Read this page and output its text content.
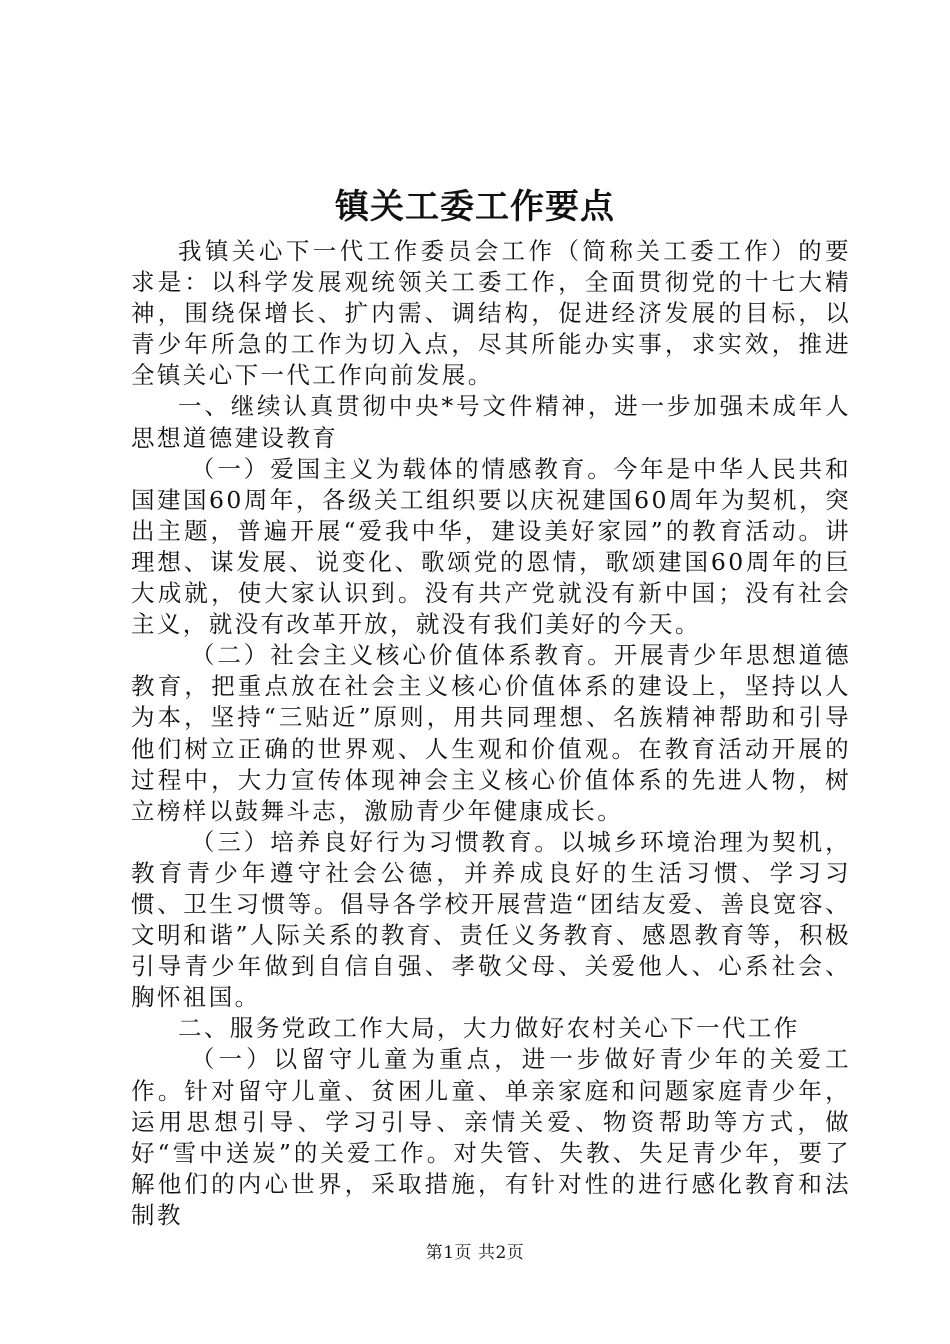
镇关工委工作要点

我镇关心下一代工作委员会工作（简称关工委工作）的要求是：以科学发展观统领关工委工作，全面贯彻党的十七大精神，围绕保增长、扩内需、调结构，促进经济发展的目标，以青少年所急的工作为切入点，尽其所能办实事，求实效，推进全镇关心下一代工作向前发展。

一、继续认真贯彻中央*号文件精神，进一步加强未成年人思想道德建设教育

（一）爱国主义为载体的情感教育。今年是中华人民共和国建国60周年，各级关工组织要以庆祝建国60周年为契机，突出主题，普遍开展“爱我中华，建设美好家园”的教育活动。讲理想、谋发展、说变化、歌颂党的恩情，歌颂建国60周年的巨大成就，使大家认识到。没有共产党就没有新中国；没有社会主义，就没有改革开放，就没有我们美好的今天。

（二）社会主义核心价值体系教育。开展青少年思想道德教育，把重点放在社会主义核心价值体系的建设上，坚持以人为本，坚持“三贴近”原则，用共同理想、名族精神帮助和引导他们树立正确的世界观、人生观和价值观。在教育活动开展的过程中，大力宣传体现神会主义核心价值体系的先进人物，树立榜样以鼓舞斗志，激励青少年健康成长。

（三）培养良好行为习惯教育。以城乡环境治理为契机，教育青少年遵守社会公德，并养成良好的生活习惯、学习习惯、卫生习惯等。倡导各学校开展营造“团结友爱、善良宽容、文明和谐”人际关系的教育、责任义务教育、感恩教育等，积极引导青少年做到自信自强、孝敬父母、关爱他人、心系社会、胸怀祖国。

二、服务党政工作大局，大力做好农村关心下一代工作

（一）以留守儿童为重点，进一步做好青少年的关爱工作。针对留守儿童、贫困儿童、单亲家庭和问题家庭青少年，运用思想引导、学习引导、亲情关爱、物资帮助等方式，做好“雪中送炭”的关爱工作。对失管、失教、失足青少年，要了解他们的内心世界，采取措施，有针对性的进行感化教育和法制教

第1页 共2页
